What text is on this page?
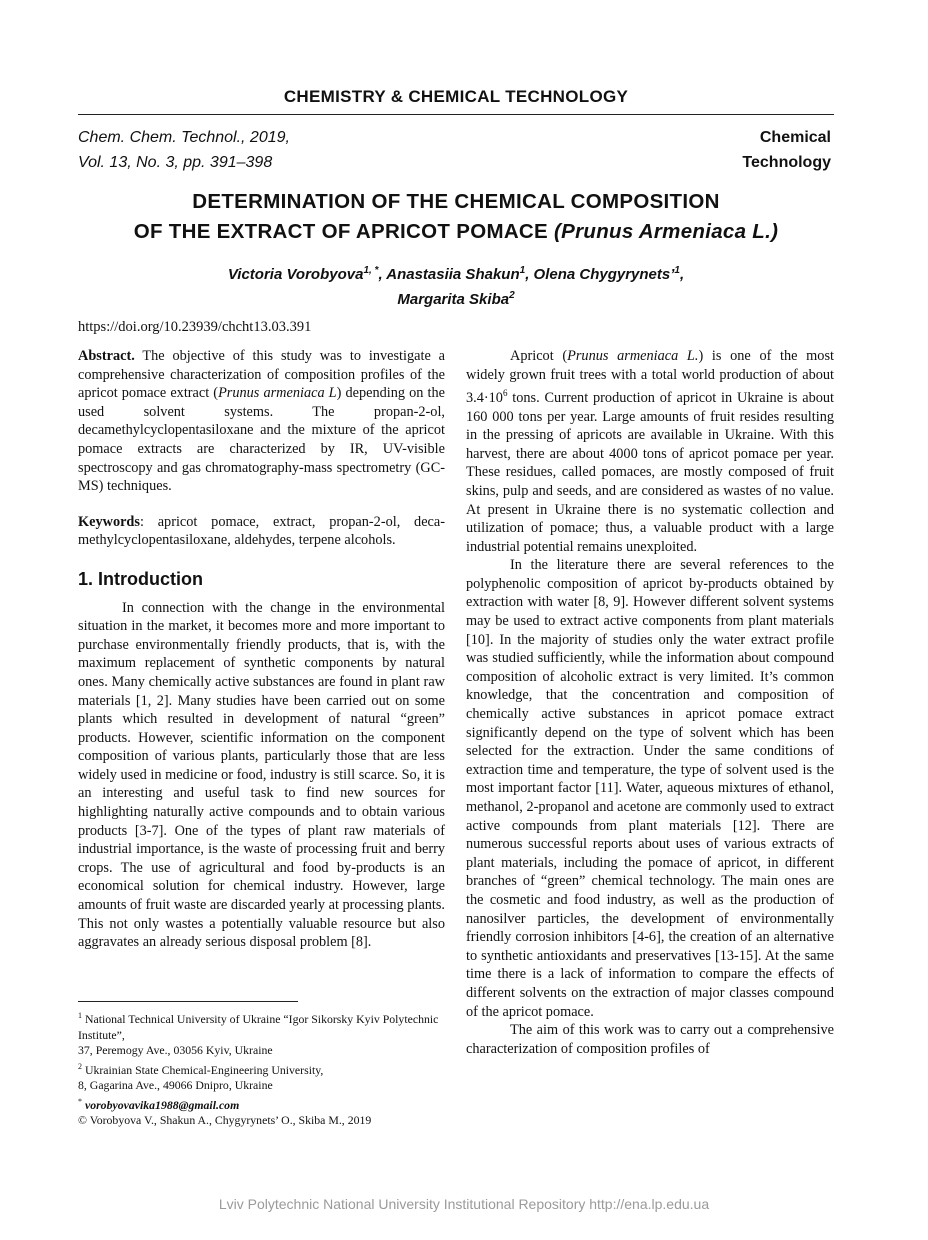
CHEMISTRY & CHEMICAL TECHNOLOGY
Chem. Chem. Technol., 2019,
Vol. 13, No. 3, pp. 391–398
Chemical
Technology
DETERMINATION OF THE CHEMICAL COMPOSITION
OF THE EXTRACT OF APRICOT POMACE (Prunus Armeniaca L.)
Victoria Vorobyova$^{1, *}$, Anastasiia Shakun$^1$, Olena Chygyrynets’$^1$,
Margarita Skiba$^2$
https://doi.org/10.23939/chcht13.03.391

Abstract. The objective of this study was to investigate a comprehensive characterization of composition profiles of the apricot pomace extract (Prunus armeniaca L) depending on the used solvent systems. The propan-2-ol, decamethylcyclopentasiloxane and the mixture of the apricot pomace extracts are characterized by IR, UV-visible spectroscopy and gas chromatography-mass spectrometry (GC-MS) techniques.

Keywords: apricot pomace, extract, propan-2-ol, deca-methylcyclopentasiloxane, aldehydes, terpene alcohols.

1. Introduction

In connection with the change in the environmental situation in the market, it becomes more and more important to purchase environmentally friendly products, that is, with the maximum replacement of synthetic components by natural ones. Many chemically active substances are found in plant raw materials [1, 2]. Many studies have been carried out on some plants which resulted in development of natural “green” products. However, scientific information on the component composition of various plants, particularly those that are less widely used in medicine or food, industry is still scarce. So, it is an interesting and useful task to find new sources for highlighting naturally active compounds and to obtain various products [3-7]. One of the types of plant raw materials of industrial importance, is the waste of processing fruit and berry crops. The use of agricultural and food by-products is an economical solution for chemical industry. However, large amounts of fruit waste are discarded yearly at processing plants. This not only wastes a potentially valuable resource but also aggravates an already serious disposal problem [8].

$^1$ National Technical University of Ukraine “Igor Sikorsky Kyiv Polytechnic Institute”,
37, Peremogy Ave., 03056 Kyiv, Ukraine
$^2$ Ukrainian State Chemical-Engineering University,
8, Gagarina Ave., 49066 Dnipro, Ukraine
* vorobyovavika1988@gmail.com
© Vorobyova V., Shakun A., Chygyrynets’ O., Skiba M., 2019

Apricot (Prunus armeniaca L.) is one of the most widely grown fruit trees with a total world production of about $3.4\cdot 10^6$ tons. Current production of apricot in Ukraine is about 160 000 tons per year. Large amounts of fruit resides resulting in the pressing of apricots are available in Ukraine. With this harvest, there are about 4000 tons of apricot pomace per year. These residues, called pomaces, are mostly composed of fruit skins, pulp and seeds, and are considered as wastes of no value. At present in Ukraine there is no systematic collection and utilization of pomace; thus, a valuable product with a large industrial potential remains unexploited.

In the literature there are several references to the polyphenolic composition of apricot by-products obtained by extraction with water [8, 9]. However different solvent systems may be used to extract active components from plant materials [10]. In the majority of studies only the water extract profile was studied sufficiently, while the information about compound composition of alcoholic extract is very limited. It’s common knowledge, that the concentration and composition of chemically active substances in apricot pomace extract significantly depend on the type of solvent which has been selected for the extraction. Under the same conditions of extraction time and temperature, the type of solvent used is the most important factor [11]. Water, aqueous mixtures of ethanol, methanol, 2-propanol and acetone are commonly used to extract active compounds from plant materials [12]. There are numerous successful reports about uses of various extracts of plant materials, including the pomace of apricot, in different branches of “green” chemical technology. The main ones are the cosmetic and food industry, as well as the production of nanosilver particles, the development of environmentally friendly corrosion inhibitors [4-6], the creation of an alternative to synthetic antioxidants and preservatives [13-15]. At the same time there is a lack of information to compare the effects of different solvents on the extraction of major classes compound of the apricot pomace.

The aim of this work was to carry out a comprehensive characterization of composition profiles of

Lviv Polytechnic National University Institutional Repository http://ena.lp.edu.ua
